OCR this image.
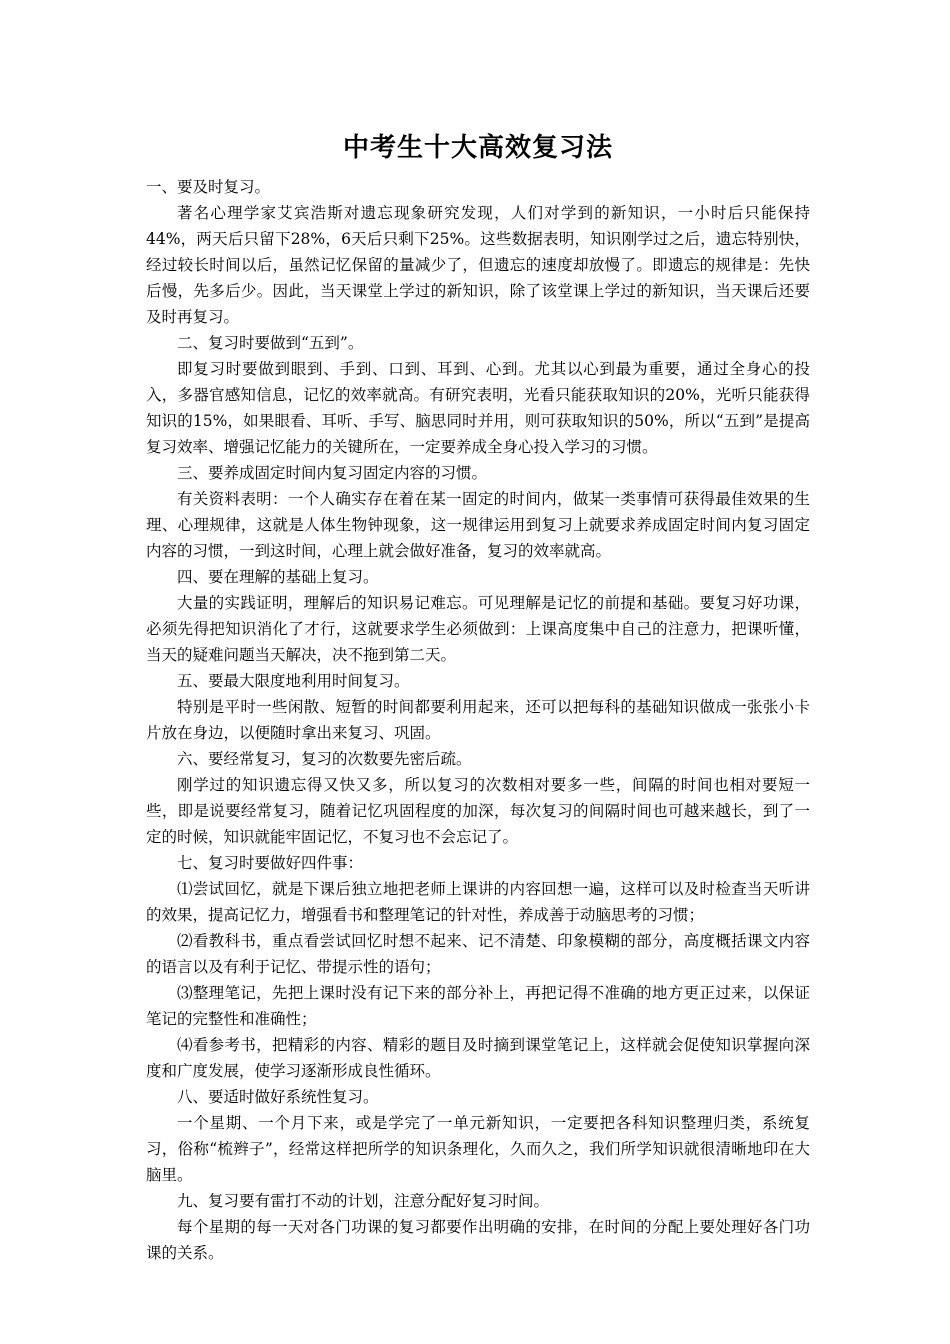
中考生十大高效复习法

一、要及时复习。

著名心理学家艾宾浩斯对遗忘现象研究发现，人们对学到的新知识，一小时后只能保持44%，两天后只留下28%，6天后只剩下25%。这些数据表明，知识刚学过之后，遗忘特别快，经过较长时间以后，虽然记忆保留的量减少了，但遗忘的速度却放慢了。即遗忘的规律是：先快后慢，先多后少。因此，当天课堂上学过的新知识，除了该堂课上学过的新知识，当天课后还要及时再复习。

二、复习时要做到“五到”。

即复习时要做到眼到、手到、口到、耳到、心到。尤其以心到最为重要，通过全身心的投入，多器官感知信息，记忆的效率就高。有研究表明，光看只能获取知识的20%，光听只能获得知识的15%，如果眼看、耳听、手写、脑思同时并用，则可获取知识的50%，所以“五到”是提高复习效率、增强记忆能力的关键所在，一定要养成全身心投入学习的习惯。

三、要养成固定时间内复习固定内容的习惯。

有关资料表明：一个人确实存在着在某一固定的时间内，做某一类事情可获得最佳效果的生理、心理规律，这就是人体生物钟现象，这一规律运用到复习上就要求养成固定时间内复习固定内容的习惯，一到这时间，心理上就会做好准备，复习的效率就高。

四、要在理解的基础上复习。

大量的实践证明，理解后的知识易记难忘。可见理解是记忆的前提和基础。要复习好功课，必须先得把知识消化了才行，这就要求学生必须做到：上课高度集中自己的注意力，把课听懂，当天的疑难问题当天解决，决不拖到第二天。

五、要最大限度地利用时间复习。

特别是平时一些闲散、短暂的时间都要利用起来，还可以把每科的基础知识做成一张张小卡片放在身边，以便随时拿出来复习、巩固。

六、要经常复习，复习的次数要先密后疏。

刚学过的知识遗忘得又快又多，所以复习的次数相对要多一些，间隔的时间也相对要短一些，即是说要经常复习，随着记忆巩固程度的加深，每次复习的间隔时间也可越来越长，到了一定的时候，知识就能牢固记忆，不复习也不会忘记了。

七、复习时要做好四件事：

⑴尝试回忆，就是下课后独立地把老师上课讲的内容回想一遍，这样可以及时检查当天听讲的效果，提高记忆力，增强看书和整理笔记的针对性，养成善于动脑思考的习惯；

⑵看教科书，重点看尝试回忆时想不起来、记不清楚、印象模糊的部分，高度概括课文内容的语言以及有利于记忆、带提示性的语句；

⑶整理笔记，先把上课时没有记下来的部分补上，再把记得不准确的地方更正过来，以保证笔记的完整性和准确性；

⑷看参考书，把精彩的内容、精彩的题目及时摘到课堂笔记上，这样就会促使知识掌握向深度和广度发展，使学习逐渐形成良性循环。

八、要适时做好系统性复习。

一个星期、一个月下来，或是学完了一单元新知识，一定要把各科知识整理归类，系统复习，俗称“梳辫子”，经常这样把所学的知识条理化，久而久之，我们所学知识就很清晰地印在大脑里。

九、复习要有雷打不动的计划，注意分配好复习时间。

每个星期的每一天对各门功课的复习都要作出明确的安排，在时间的分配上要处理好各门功课的关系。
